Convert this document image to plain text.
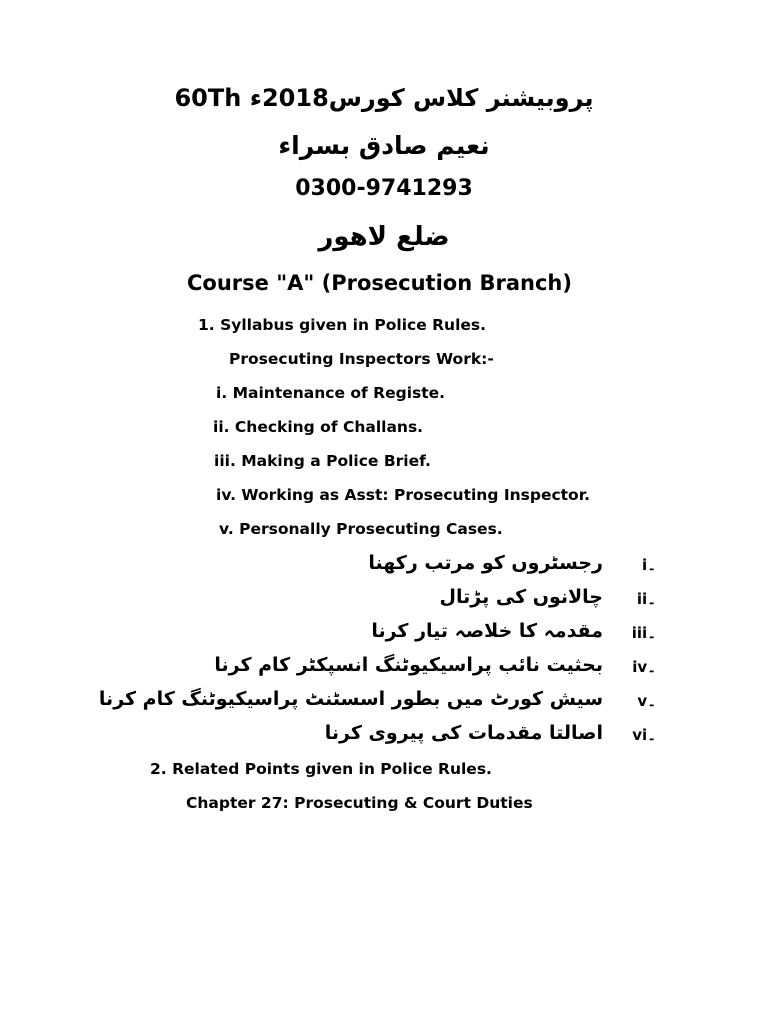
60Th پروبیشنر کلاس کورس2018ء
نعیم صادق بسراء
0300-9741293
ضلع لاهور
Course "A" (Prosecution Branch)
1. Syllabus given in Police Rules.
Prosecuting Inspectors Work:-
i. Maintenance of Registe.
ii. Checking of Challans.
iii. Making a Police Brief.
iv. Working as Asst: Prosecuting Inspector.
v. Personally Prosecuting Cases.
i۔
رجسٹروں کو مرتب رکھنا
ii۔
چالانوں کی پڑتال
iii۔
مقدمہ کا خلاصہ تیار کرنا
iv۔
بحثیت نائب پراسیکیوٹنگ انسپکٹر کام کرنا
v۔
سیش کورٹ میں بطور اسسٹنٹ پراسیکیوٹنگ کام کرنا
vi۔
اصالتا مقدمات کی پیروی کرنا
2. Related Points given in Police Rules.
Chapter 27: Prosecuting & Court Duties
